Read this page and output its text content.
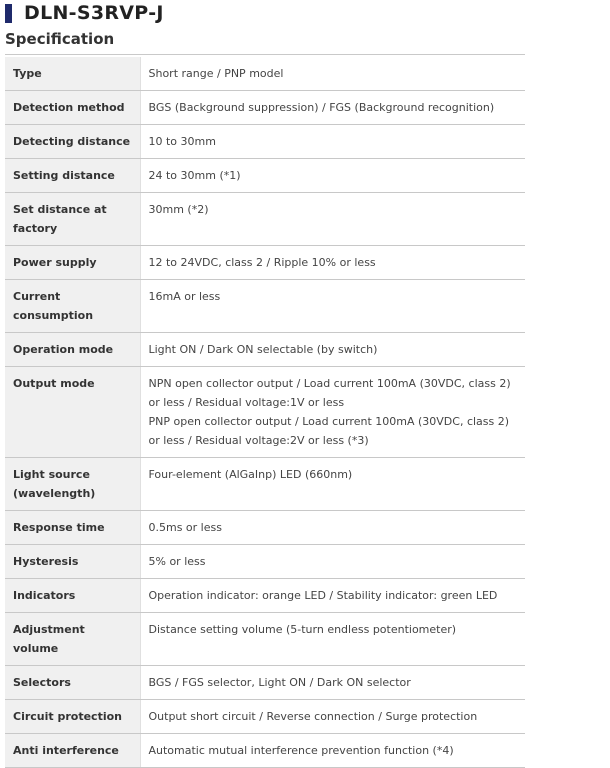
DLN-S3RVP-J
Specification
Type	Short range / PNP model
Detection method	BGS (Background suppression) / FGS (Background recognition)
Detecting distance	10 to 30mm
Setting distance	24 to 30mm (*1)
Set distance at factory	30mm (*2)
Power supply	12 to 24VDC, class 2 / Ripple 10% or less
Current consumption	16mA or less
Operation mode	Light ON / Dark ON selectable (by switch)
Output mode	NPN open collector output / Load current 100mA (30VDC, class 2) or less / Residual voltage:1V or less
PNP open collector output / Load current 100mA (30VDC, class 2) or less / Residual voltage:2V or less (*3)

Light source (wavelength)	Four-element (AlGaInp) LED (660nm)
Response time	0.5ms or less
Hysteresis	5% or less
Indicators	Operation indicator: orange LED / Stability indicator: green LED
Adjustment volume	Distance setting volume (5-turn endless potentiometer)
Selectors	BGS / FGS selector, Light ON / Dark ON selector
Circuit protection	Output short circuit / Reverse connection / Surge protection
Anti interference	Automatic mutual interference prevention function (*4)
